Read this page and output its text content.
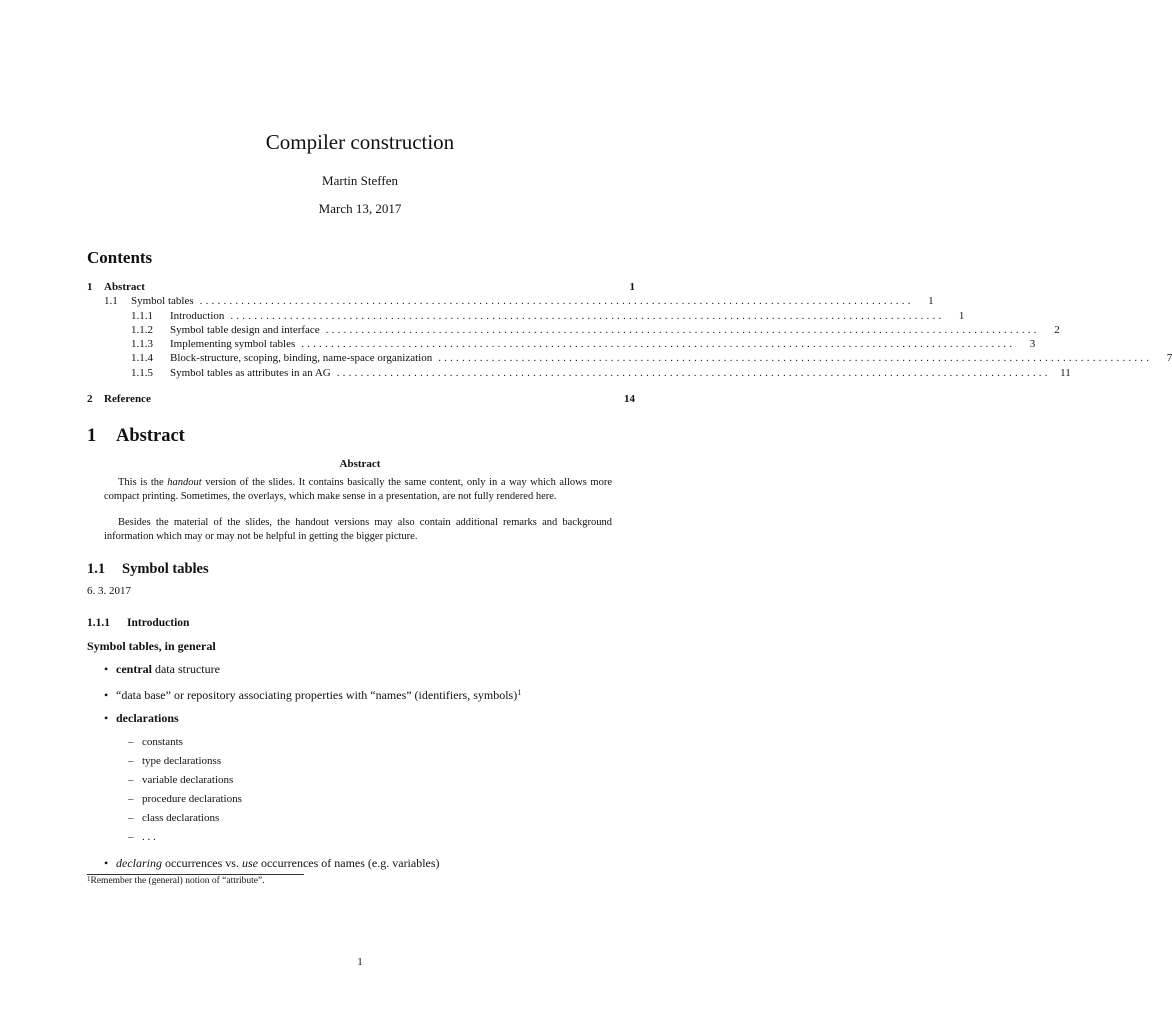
Compiler construction
Martin Steffen
March 13, 2017
Contents
1	Abstract	1
1.1	Symbol tables ........................................................................................................................	1
1.1.1	Introduction ........................................................................................................................	1
1.1.2	Symbol table design and interface ........................................................................................................................	2
1.1.3	Implementing symbol tables ........................................................................................................................	3
1.1.4	Block-structure, scoping, binding, name-space organization ........................................................................................................................	7
1.1.5	Symbol tables as attributes in an AG ........................................................................................................................ 11
2	Reference	14
1 Abstract
Abstract
This is the handout version of the slides. It contains basically the same content, only in a way which allows more compact printing. Sometimes, the overlays, which make sense in a presentation, are not fully rendered here.
Besides the material of the slides, the handout versions may also contain additional remarks and background information which may or may not be helpful in getting the bigger picture.
1.1 Symbol tables
6. 3. 2017
1.1.1 Introduction
Symbol tables, in general
• central data structure
• “data base” or repository associating properties with “names” (identifiers, symbols)$^1$
• declarations
– constants
– type declarationss
– variable declarations
– procedure declarations
– class declarations
– . . .
• declaring occurrences vs. use occurrences of names (e.g. variables)
$^1$Remember the (general) notion of “attribute”.
1
